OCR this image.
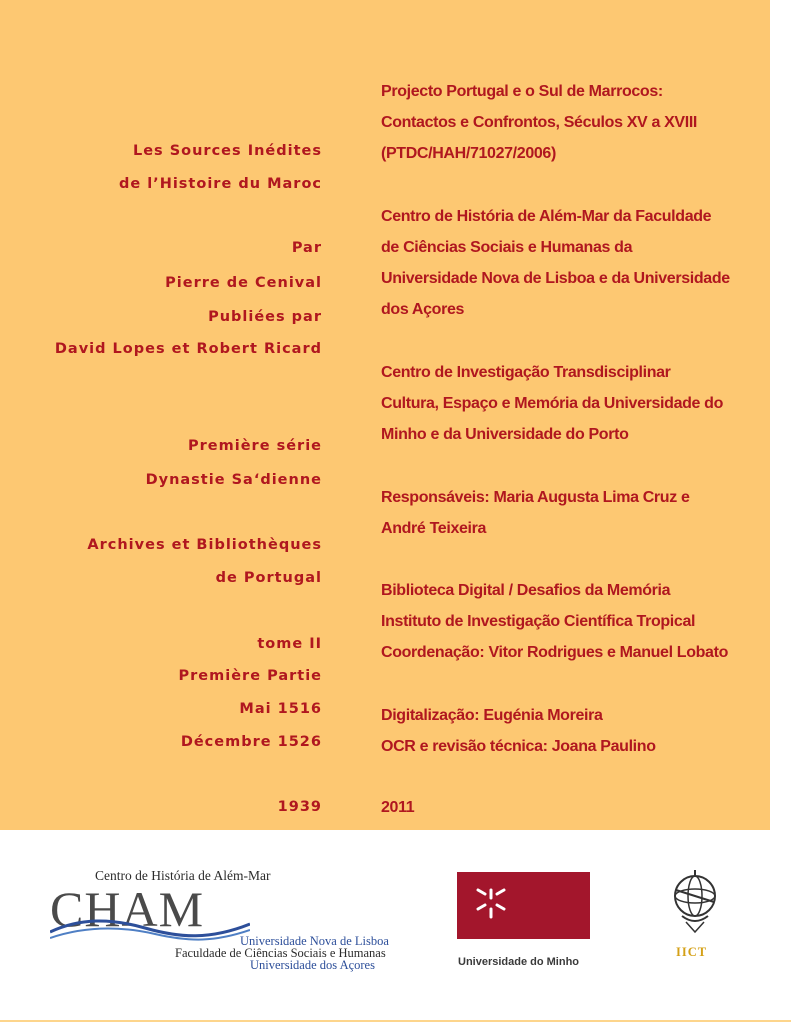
Les Sources Inédites
de l’Histoire du Maroc
Par
Pierre de Cenival
Publiées par
David Lopes et Robert Ricard
Première série
Dynastie Sa‘dienne
Archives et Bibliothèques
de Portugal
tome II
Première Partie
Mai 1516
Décembre 1526
1939
Projecto Portugal e o Sul de Marrocos:
Contactos e Confrontos, Séculos XV a XVIII
(PTDC/HAH/71027/2006)
Centro de História de Além-Mar da Faculdade
de Ciências Sociais e Humanas da
Universidade Nova de Lisboa e da Universidade
dos Açores
Centro de Investigação Transdisciplinar
Cultura, Espaço e Memória da Universidade do
Minho e da Universidade do Porto
Responsáveis: Maria Augusta Lima Cruz e
André Teixeira
Biblioteca Digital / Desafios da Memória
Instituto de Investigação Científica Tropical
Coordenação: Vitor Rodrigues e Manuel Lobato
Digitalização: Eugénia Moreira
OCR e revisão técnica: Joana Paulino
2011
Centro de História de Além-Mar
CHAM
Universidade Nova de Lisboa
Faculdade de Ciências Sociais e Humanas
Universidade dos Açores	Universidade do Minho
IICT
